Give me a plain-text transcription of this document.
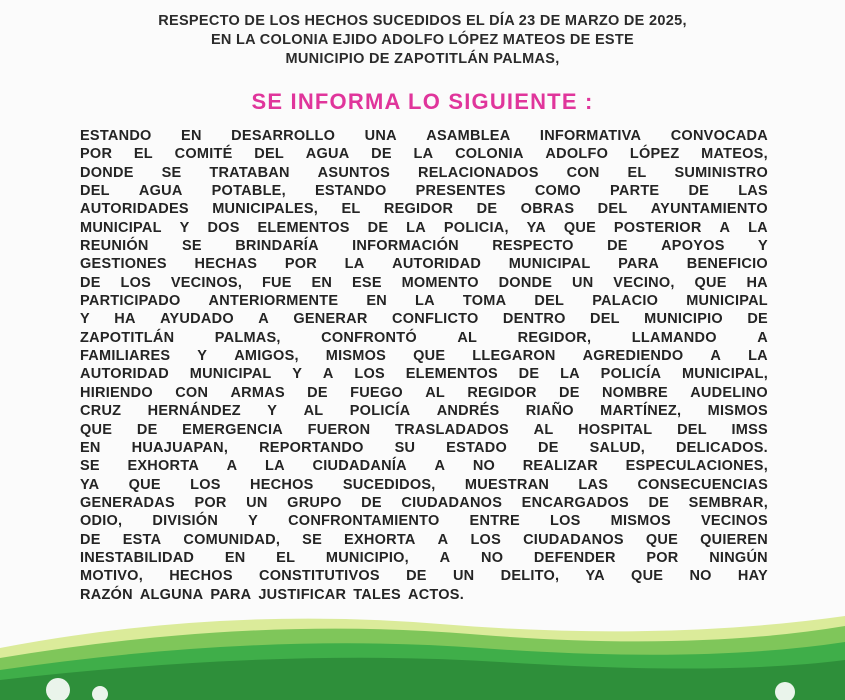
RESPECTO DE LOS HECHOS SUCEDIDOS EL DÍA 23 DE MARZO DE 2025,
EN LA COLONIA EJIDO ADOLFO LÓPEZ MATEOS DE ESTE
MUNICIPIO DE ZAPOTITLÁN PALMAS,
SE INFORMA LO SIGUIENTE :
ESTANDO EN DESARROLLO UNA ASAMBLEA INFORMATIVA CONVOCADA
POR EL COMITÉ DEL AGUA DE LA COLONIA ADOLFO LÓPEZ MATEOS,
DONDE SE TRATABAN ASUNTOS RELACIONADOS CON EL SUMINISTRO
DEL AGUA POTABLE, ESTANDO PRESENTES COMO PARTE DE LAS
AUTORIDADES MUNICIPALES, EL REGIDOR DE OBRAS DEL AYUNTAMIENTO
MUNICIPAL Y DOS ELEMENTOS DE LA POLICIA, YA QUE POSTERIOR A LA
REUNIÓN SE BRINDARÍA INFORMACIÓN RESPECTO DE APOYOS Y
GESTIONES HECHAS POR LA AUTORIDAD MUNICIPAL PARA BENEFICIO
DE LOS VECINOS, FUE EN ESE MOMENTO DONDE UN VECINO, QUE HA
PARTICIPADO ANTERIORMENTE EN LA TOMA DEL PALACIO MUNICIPAL
Y HA AYUDADO A GENERAR CONFLICTO DENTRO DEL MUNICIPIO DE
ZAPOTITLÁN	PALMAS,	CONFRONTÓ	AL	REGIDOR,	LLAMANDO	A
FAMILIARES Y AMIGOS, MISMOS QUE LLEGARON AGREDIENDO A LA
AUTORIDAD MUNICIPAL Y A LOS ELEMENTOS DE LA POLICÍA MUNICIPAL,
HIRIENDO CON ARMAS DE FUEGO AL REGIDOR DE NOMBRE AUDELINO
CRUZ HERNÁNDEZ Y AL POLICÍA ANDRÉS RIAÑO MARTÍNEZ, MISMOS
QUE DE EMERGENCIA FUERON TRASLADADOS AL HOSPITAL DEL IMSS
EN HUAJUAPAN, REPORTANDO SU ESTADO DE SALUD, DELICADOS.
SE EXHORTA A LA CIUDADANÍA A NO REALIZAR ESPECULACIONES,
YA QUE LOS HECHOS SUCEDIDOS, MUESTRAN LAS CONSECUENCIAS
GENERADAS POR UN GRUPO DE CIUDADANOS ENCARGADOS DE SEMBRAR,
ODIO, DIVISIÓN Y CONFRONTAMIENTO ENTRE LOS MISMOS VECINOS
DE ESTA COMUNIDAD, SE EXHORTA A LOS CIUDADANOS QUE QUIEREN
INESTABILIDAD EN EL MUNICIPIO, A NO DEFENDER POR NINGÚN
MOTIVO, HECHOS CONSTITUTIVOS DE UN DELITO, YA QUE NO HAY
RAZÓN ALGUNA PARA JUSTIFICAR TALES ACTOS.
